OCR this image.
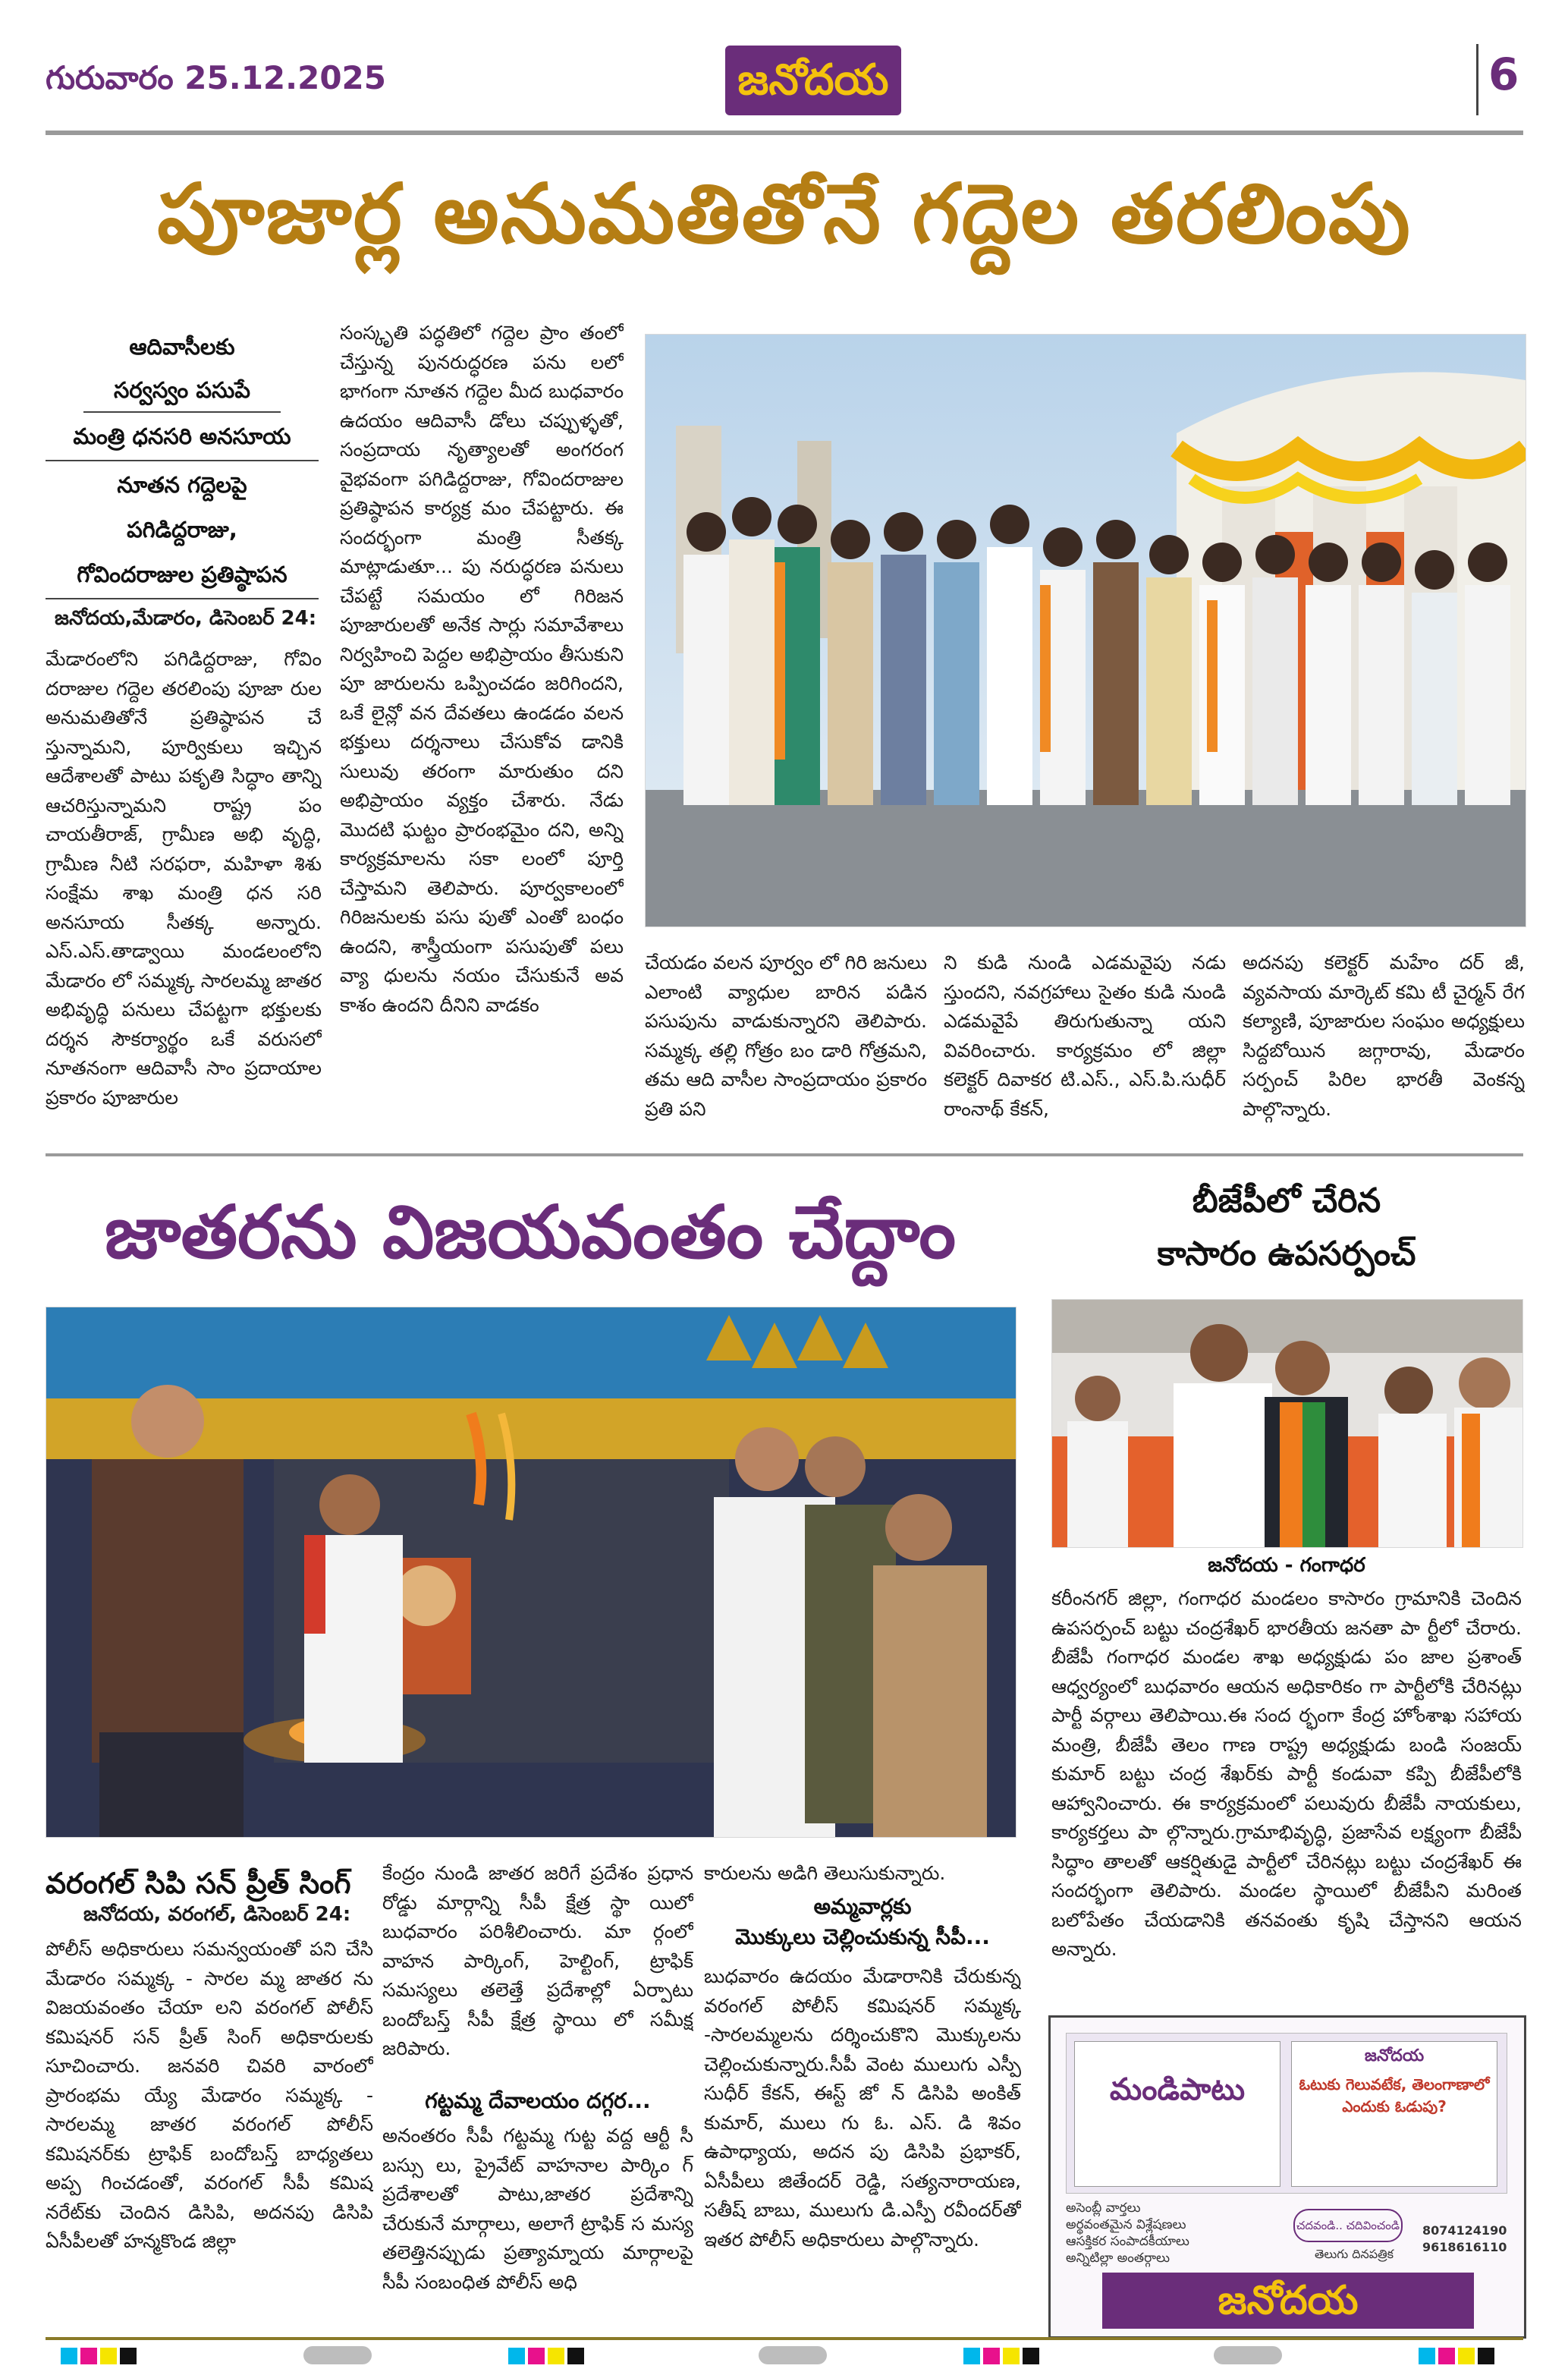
గురువారం 25.12.2025	జనోదయ	6
పూజార్ల అనుమతితోనే గద్దెల తరలింపు
ఆదివాసీలకు
సర్వస్వం పసుపే
మంత్రి ధనసరి అనసూయ
నూతన గద్దెలపై
పగిడిద్దరాజు,
గోవిందరాజుల ప్రతిష్ఠాపన
జనోదయ,మేడారం, డిసెంబర్ 24:
మేడారంలోని పగిడిద్దరాజు, గోవిం దరాజుల గద్దెల తరలింపు పూజా రుల అనుమతితోనే ప్రతిష్ఠాపన చే స్తున్నామని, పూర్వికులు ఇచ్చిన ఆదేశాలతో పాటు పకృతి సిద్ధాం తాన్ని ఆచరిస్తున్నామని రాష్ట్ర పం చాయతీరాజ్, గ్రామీణ అభి వృద్ధి, గ్రామీణ నీటి సరఫరా, మహిళా శిశు సంక్షేమ శాఖ మంత్రి ధన సరి అనసూయ సీతక్క అన్నారు. ఎస్.ఎస్.తాడ్వాయి మండలంలోని మేడారం లో సమ్మక్క సారలమ్మ జాతర అభివృద్ధి పనులు చేపట్టగా భక్తులకు దర్శన సౌకర్యార్థం ఒకే వరుసలో నూతనంగా ఆదివాసీ సాం ప్రదాయాల ప్రకారం పూజారుల
సంస్కృతి పద్ధతిలో గద్దెల ప్రాం తంలో చేస్తున్న పునరుద్ధరణ పను లలో భాగంగా నూతన గద్దెల మీద బుధవారం ఉదయం ఆదివాసీ డోలు చప్పుళ్ళతో, సంప్రదాయ నృత్యాలతో అంగరంగ వైభవంగా పగిడిద్దరాజు, గోవిందరాజుల ప్రతిష్ఠాపన కార్యక్ర మం చేపట్టారు. ఈ సందర్భంగా మంత్రి సీతక్క మాట్లాడుతూ... పు నరుద్ధరణ పనులు చేపట్టే సమయం లో గిరిజన పూజారులతో అనేక సార్లు సమావేశాలు నిర్వహించి పెద్దల అభిప్రాయం తీసుకుని పూ జారులను ఒప్పించడం జరిగిందని, ఒకే లైన్లో వన దేవతలు ఉండడం వలన భక్తులు దర్శనాలు చేసుకోవ డానికి సులువు తరంగా మారుతుం దని అభిప్రాయం వ్యక్తం చేశారు. నేడు మొదటి ఘట్టం ప్రారంభమైం దని, అన్ని కార్యక్రమాలను సకా లంలో పూర్తి చేస్తామని తెలిపారు. పూర్వకాలంలో గిరిజనులకు పసు పుతో ఎంతో బంధం ఉందని, శాస్త్రీయంగా పసుపుతో పలు వ్యా ధులను నయం చేసుకునే అవ కాశం ఉందని దీనిని వాడకం
చేయడం వలన పూర్వం లో గిరి జనులు ఎలాంటి వ్యాధుల బారిన పడిన పసుపును వాడుకున్నారని తెలిపారు. సమ్మక్క తల్లి గోత్రం బం డారి గోత్రమని, తమ ఆది వాసీల సాంప్రదాయం ప్రకారం ప్రతి పని
ని కుడి నుండి ఎడమవైపు నడు స్తుందని, నవగ్రహాలు సైతం కుడి నుండి ఎడమవైపే తిరుగుతున్నా యని వివరించారు. కార్యక్రమం లో జిల్లా కలెక్టర్ దివాకర టి.ఎస్., ఎస్.పి.సుధీర్ రాంనాథ్ కేకన్,
అదనపు కలెక్టర్ మహేం దర్ జీ, వ్యవసాయ మార్కెట్ కమి టీ చైర్మన్ రేగ కల్యాణి, పూజారుల సంఘం అధ్యక్షులు సిద్దబోయిన జగ్గారావు, మేడారం సర్పంచ్ పిరిల భారతీ వెంకన్న పాల్గొన్నారు.
జాతరను విజయవంతం చేద్దాం
వరంగల్ సిపి సన్ ప్రీత్ సింగ్
జనోదయ, వరంగల్, డిసెంబర్ 24:
పోలీస్ అధికారులు సమన్వయంతో పని చేసి మేడారం సమ్మక్క - సారల మ్మ జాతర ను విజయవంతం చేయా లని వరంగల్ పోలీస్ కమిషనర్ సన్ ప్రీత్ సింగ్ అధికారులకు సూచించారు. జనవరి చివరి వారంలో ప్రారంభమ య్యే మేడారం సమ్మక్క - సారలమ్మ జాతర వరంగల్ పోలీస్ కమిషనర్‌కు ట్రాఫిక్ బందోబస్త్ బాధ్యతలు అప్ప గించడంతో, వరంగల్ సీపీ కమిష నరేట్‌కు చెందిన డిసిపి, అదనపు డిసిపి ఏసీపీలతో హన్మకొండ జిల్లా
కేంద్రం నుండి జాతర జరిగే ప్రదేశం ప్రధాన రోడ్డు మార్గాన్ని సీపీ క్షేత్ర స్థా యిలో బుధవారం పరిశీలించారు. మా ర్గంలో వాహన పార్కింగ్, హెల్టింగ్, ట్రాఫిక్ సమస్యలు తలెత్తే ప్రదేశాల్లో ఏర్పాటు బందోబస్త్ సీపీ క్షేత్ర స్థాయి లో సమీక్ష జరిపారు.
గట్టమ్మ దేవాలయం దగ్గర...
అనంతరం సీపీ గట్టమ్మ గుట్ట వద్ద ఆర్టీ సీ బస్సు లు, ప్రైవేట్ వాహనాల పార్కిం గ్ ప్రదేశాలతో పాటు,జాతర ప్రదేశాన్ని చేరుకునే మార్గాలు, అలాగే ట్రాఫిక్ స మస్య తలెత్తినప్పుడు ప్రత్యామ్నాయ మార్గాలపై సీపీ సంబంధిత పోలీస్ అధి
కారులను అడిగి తెలుసుకున్నారు.
అమ్మవార్లకు
మొక్కులు చెల్లించుకున్న సీపీ...
బుధవారం ఉదయం మేడారానికి చేరుకున్న వరంగల్ పోలీస్ కమిషనర్ సమ్మక్క -సారలమ్మలను దర్శించుకొని మొక్కులను చెల్లించుకున్నారు.సీపీ వెంట ములుగు ఎస్పీ సుధీర్ కేకన్, ఈస్ట్ జో న్ డిసిపి అంకిత్ కుమార్, ములు గు ఓ. ఎస్. డి శివం ఉపాధ్యాయ, అదన పు డిసిపి ప్రభాకర్, ఏసీపీలు జితేందర్ రెడ్డి, సత్యనారాయణ, సతీష్ బాబు, ములుగు డి.ఎస్పీ రవీందర్‌తో ఇతర పోలీస్ అధికారులు పాల్గొన్నారు.
బీజేపీలో చేరిన
కాసారం ఉపసర్పంచ్
జనోదయ - గంగాధర
కరీంనగర్ జిల్లా, గంగాధర మండలం కాసారం గ్రామానికి చెందిన ఉపసర్పంచ్ బట్టు చంద్రశేఖర్ భారతీయ జనతా పా ర్టీలో చేరారు. బీజేపీ గంగాధర మండల శాఖ అధ్యక్షుడు పం జాల ప్రశాంత్ ఆధ్వర్యంలో బుధవారం ఆయన అధికారికం గా పార్టీలోకి చేరినట్లు పార్టీ వర్గాలు తెలిపాయి.ఈ సంద ర్భంగా కేంద్ర హోంశాఖ సహాయ మంత్రి, బీజేపీ తెలం గాణ రాష్ట్ర అధ్యక్షుడు బండి సంజయ్ కుమార్ బట్టు చంద్ర శేఖర్‌కు పార్టీ కండువా కప్పి బీజేపీలోకి ఆహ్వానించారు. ఈ కార్యక్రమంలో పలువురు బీజేపీ నాయకులు, కార్యకర్తలు పా ల్గొన్నారు.గ్రామాభివృద్ధి, ప్రజాసేవ లక్ష్యంగా బీజేపీ సిద్ధాం తాలతో ఆకర్షితుడై పార్టీలో చేరినట్లు బట్టు చంద్రశేఖర్ ఈ సందర్భంగా తెలిపారు. మండల స్థాయిలో బీజేపీని మరింత బలోపేతం చేయడానికి తనవంతు కృషి చేస్తానని ఆయన అన్నారు.
మండిపాటు
జనోదయ
ఓటుకు గెలువటేక, తెలంగాణాలో ఎందుకు ఓడుపు?
అసెంబ్లీ వార్తలు
అర్థవంతమైన విశ్లేషణలు
ఆసక్తికర సంపాదకీయాలు
అన్నిటిల్లా అంతర్గాలు
చదవండి.. చదివించండి
తెలుగు దినపత్రిక
8074124190
9618616110
జనోదయ
